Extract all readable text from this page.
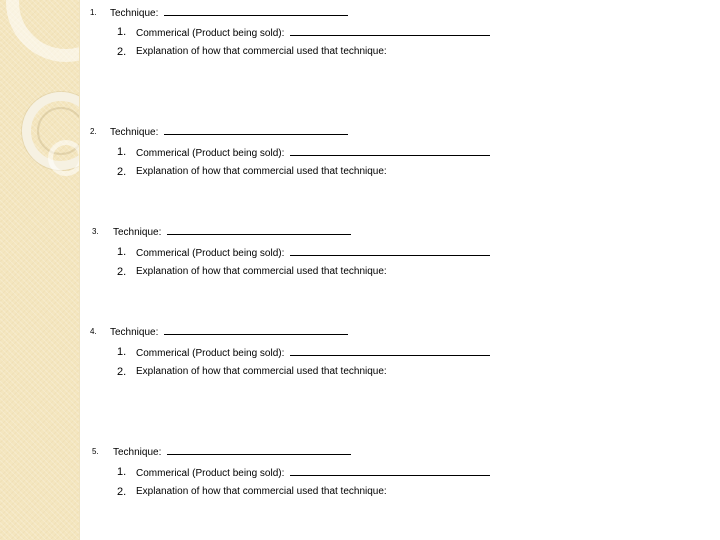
1. Technique:
1. Commerical (Product being sold):
2. Explanation of how that commercial used that technique:
2. Technique:
1. Commerical (Product being sold):
2. Explanation of how that commercial used that technique:
3. Technique:
1. Commerical (Product being sold):
2. Explanation of how that commercial used that technique:
4. Technique:
1. Commerical (Product being sold):
2. Explanation of how that commercial used that technique:
5. Technique:
1. Commerical (Product being sold):
2. Explanation of how that commercial used that technique:
